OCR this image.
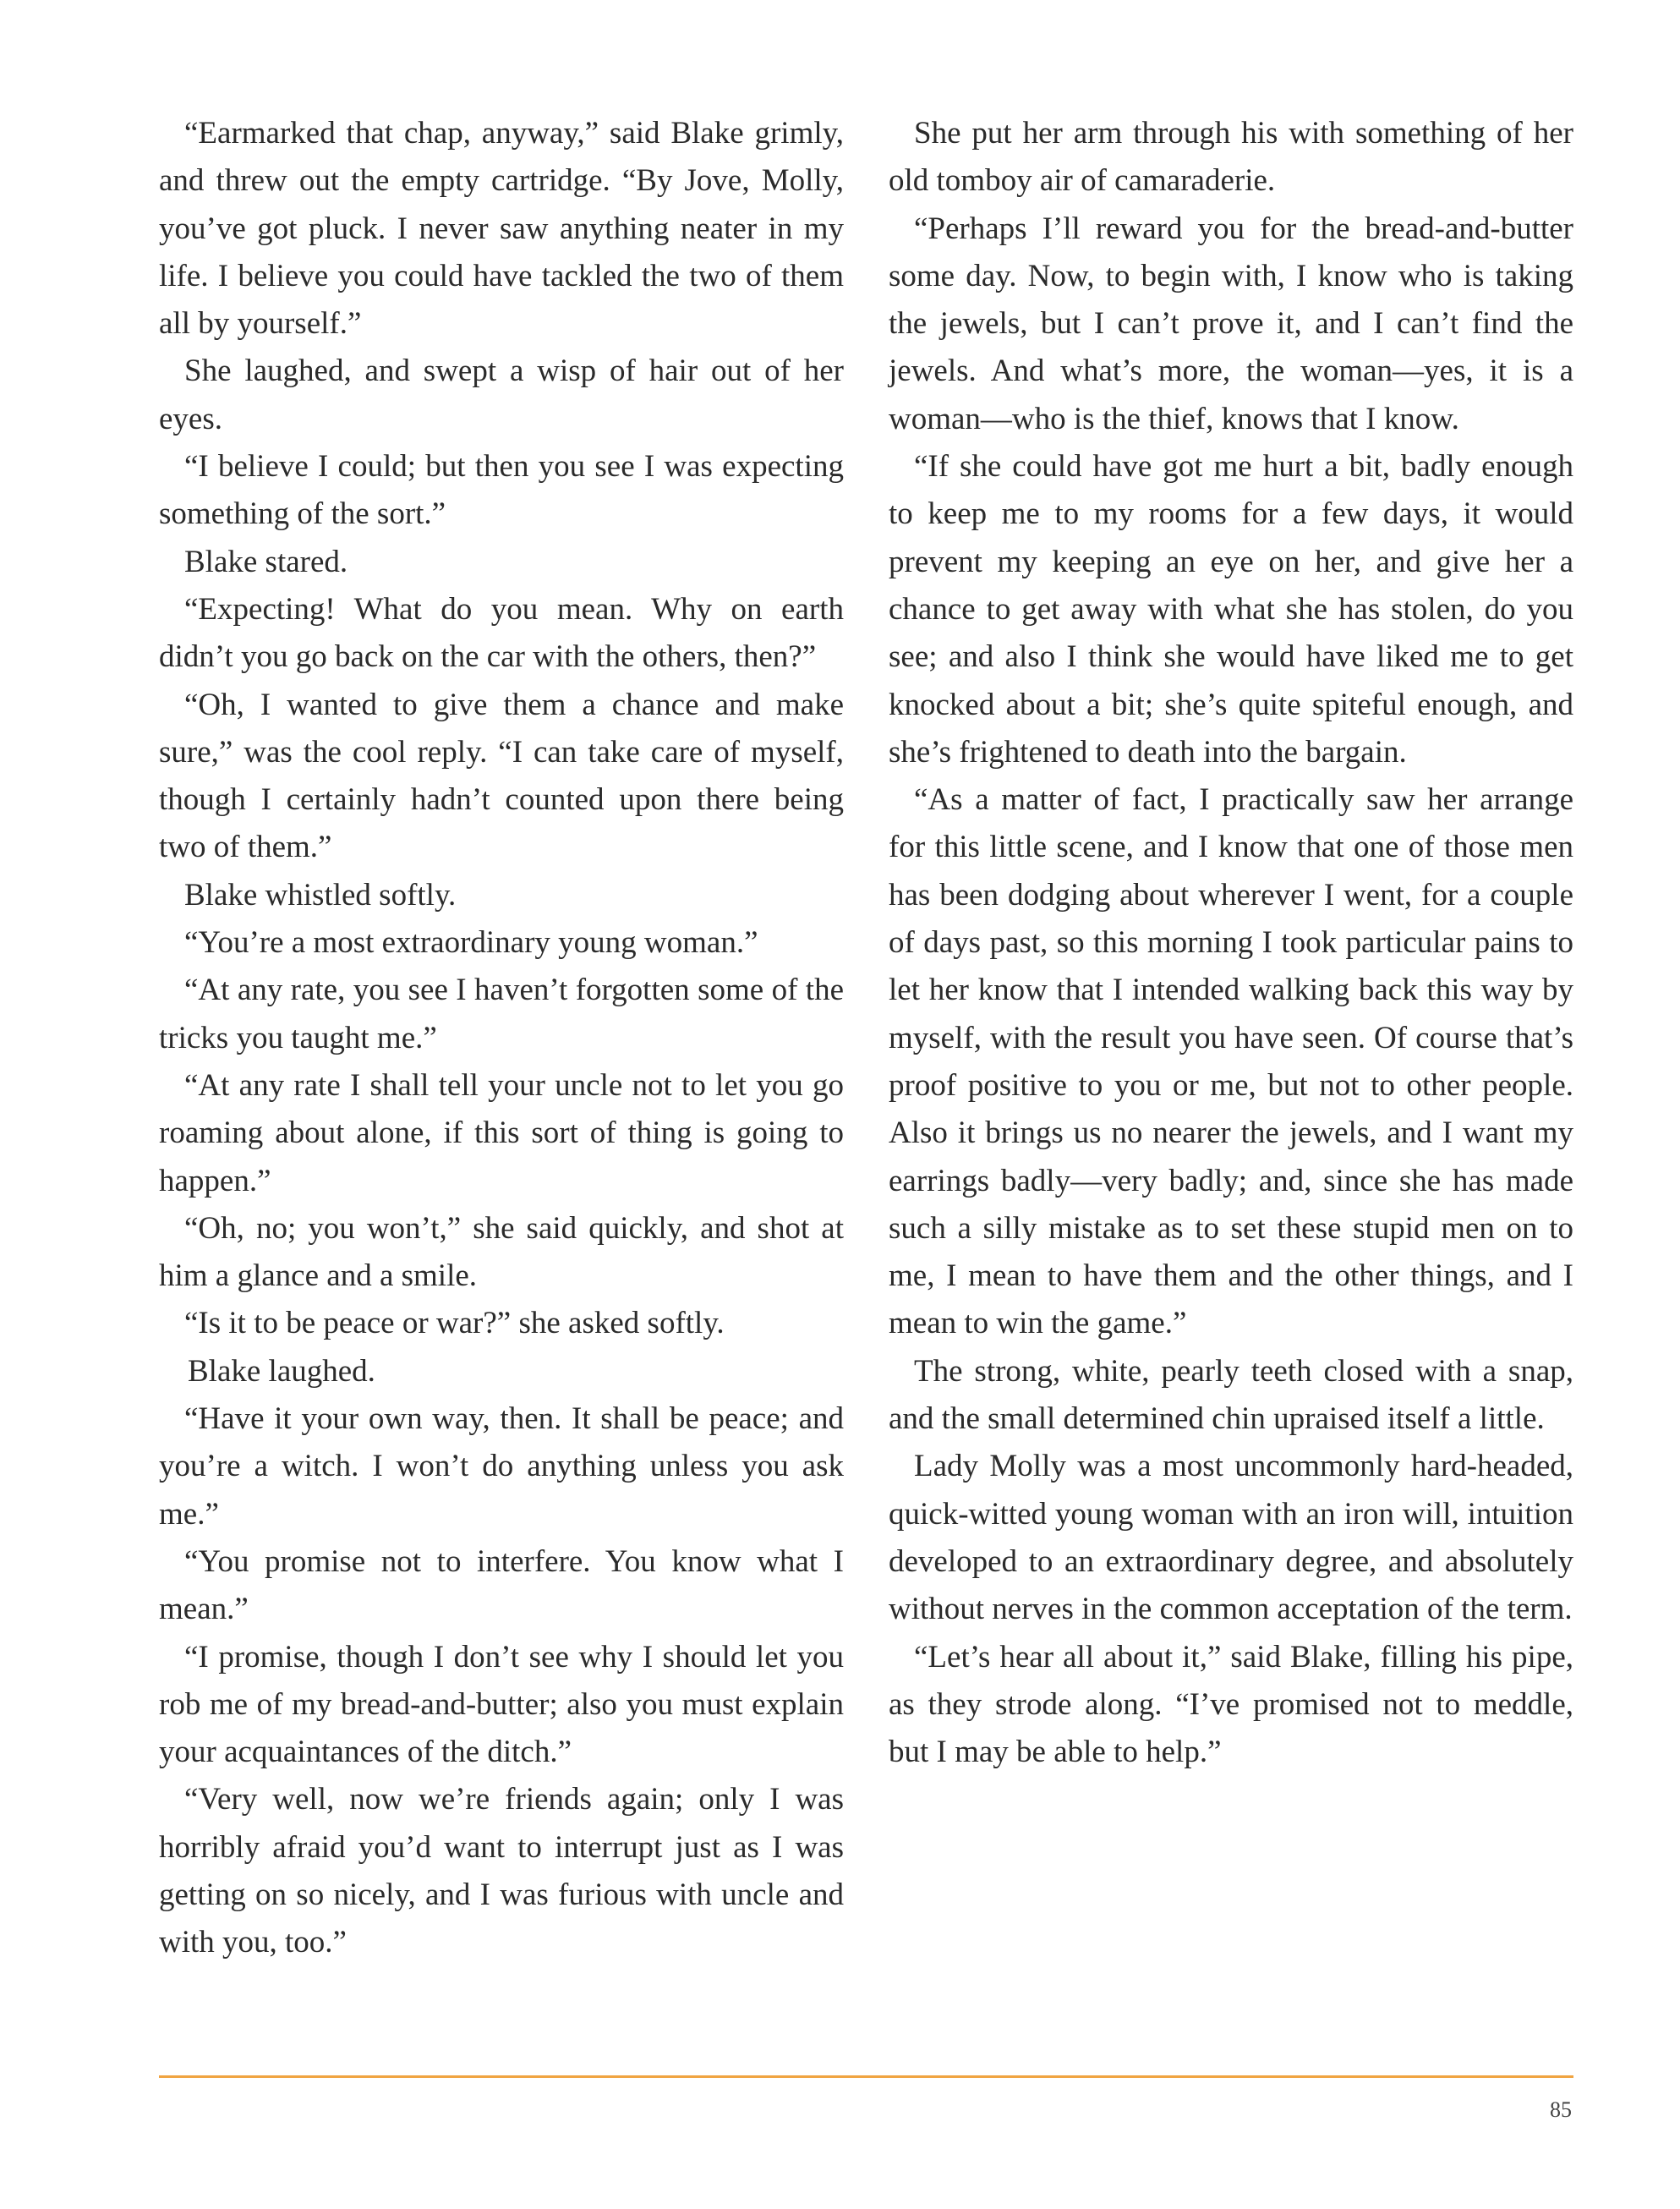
“Earmarked that chap, anyway,” said Blake grimly, and threw out the empty cartridge. “By Jove, Molly, you’ve got pluck. I never saw anything neater in my life. I believe you could have tackled the two of them all by yourself.”

She laughed, and swept a wisp of hair out of her eyes.

“I believe I could; but then you see I was expecting something of the sort.”

Blake stared.

“Expecting! What do you mean. Why on earth didn’t you go back on the car with the others, then?”

“Oh, I wanted to give them a chance and make sure,” was the cool reply. “I can take care of myself, though I certainly hadn’t counted upon there being two of them.”

Blake whistled softly.

“You’re a most extraordinary young woman.”

“At any rate, you see I haven’t forgotten some of the tricks you taught me.”

“At any rate I shall tell your uncle not to let you go roaming about alone, if this sort of thing is going to happen.”

“Oh, no; you won’t,” she said quickly, and shot at him a glance and a smile.

“Is it to be peace or war?” she asked softly.

Blake laughed.

“Have it your own way, then. It shall be peace; and you’re a witch. I won’t do anything unless you ask me.”

“You promise not to interfere. You know what I mean.”

“I promise, though I don’t see why I should let you rob me of my bread-and-butter; also you must explain your acquaintances of the ditch.”

“Very well, now we’re friends again; only I was horribly afraid you’d want to interrupt just as I was getting on so nicely, and I was furious with uncle and with you, too.”

She put her arm through his with something of her old tomboy air of camaraderie.

“Perhaps I’ll reward you for the bread-and-butter some day. Now, to begin with, I know who is taking the jewels, but I can’t prove it, and I can’t find the jewels. And what’s more, the woman—yes, it is a woman—who is the thief, knows that I know.

“If she could have got me hurt a bit, badly enough to keep me to my rooms for a few days, it would prevent my keeping an eye on her, and give her a chance to get away with what she has stolen, do you see; and also I think she would have liked me to get knocked about a bit; she’s quite spiteful enough, and she’s frightened to death into the bargain.

“As a matter of fact, I practically saw her arrange for this little scene, and I know that one of those men has been dodging about wherever I went, for a couple of days past, so this morning I took particular pains to let her know that I intended walking back this way by myself, with the result you have seen. Of course that’s proof positive to you or me, but not to other people. Also it brings us no nearer the jewels, and I want my earrings badly—very badly; and, since she has made such a silly mistake as to set these stupid men on to me, I mean to have them and the other things, and I mean to win the game.”

The strong, white, pearly teeth closed with a snap, and the small determined chin upraised itself a little.

Lady Molly was a most uncommonly hard-headed, quick-witted young woman with an iron will, intuition developed to an extraordinary degree, and absolutely without nerves in the common acceptation of the term.

“Let’s hear all about it,” said Blake, filling his pipe, as they strode along. “I’ve promised not to meddle, but I may be able to help.”

85
